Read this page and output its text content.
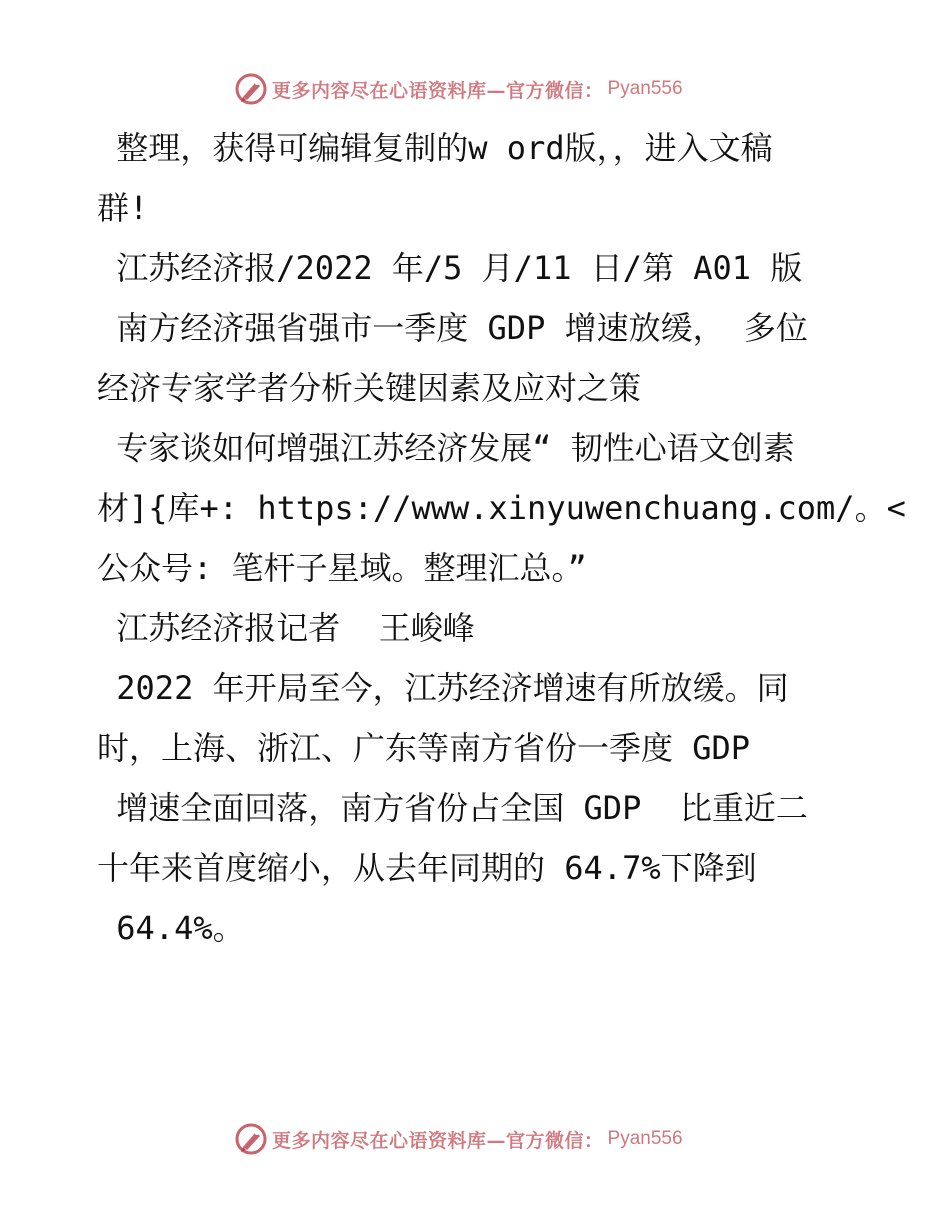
更多内容尽在心语资料库—官方微信： Pyan556
整理，获得可编辑复制的w ord版，，进入文稿
群!
江苏经济报/2022 年/5 月/11 日/第 A01 版
南方经济强省强市一季度 GDP 增速放缓， 多位
经济专家学者分析关键因素及应对之策
专家谈如何增强江苏经济发展“ 韧性心语文创素
材]{库+: https://www.xinyuwenchuang.com/。<
公众号: 笔杆子星域。整理汇总。”
江苏经济报记者  王峻峰
2022 年开局至今，江苏经济增速有所放缓。同
时，上海、浙江、广东等南方省份一季度 GDP
增速全面回落，南方省份占全国 GDP  比重近二
十年来首度缩小，从去年同期的 64.7%下降到
64.4%。
更多内容尽在心语资料库—官方微信： Pyan556
